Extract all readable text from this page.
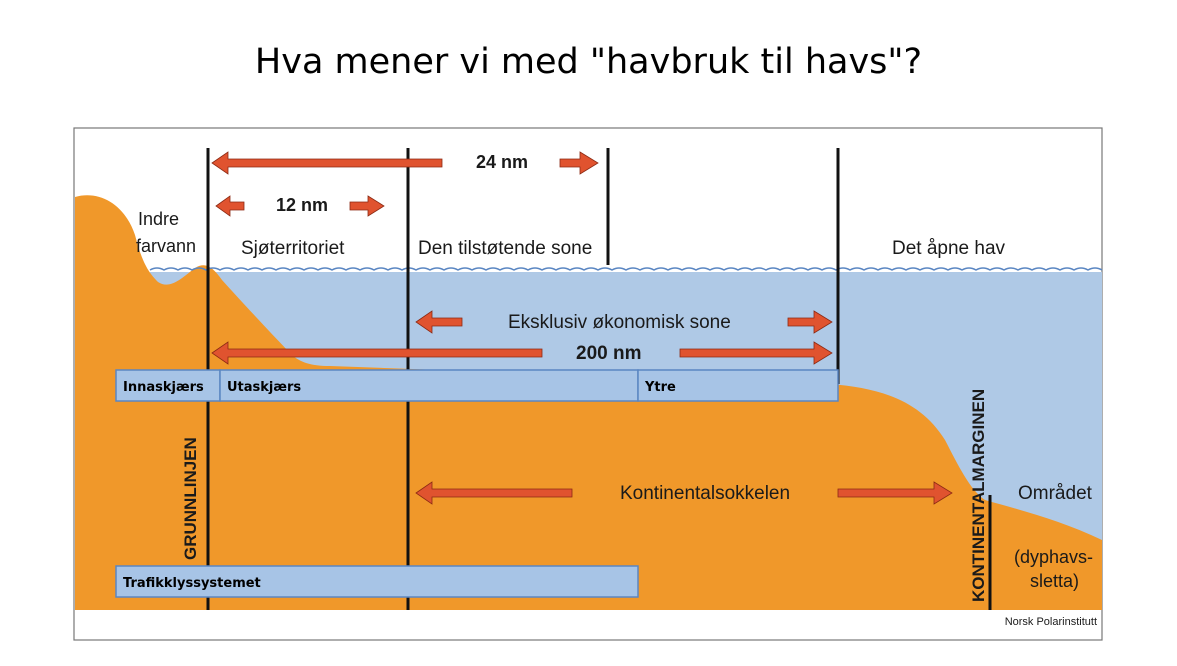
Hva mener vi med "havbruk til havs"?
24 nm
12 nm
200 nm
Indre
farvann Sjøterritoriet	Den tilstøtende sone	Det åpne hav
Eksklusiv økonomisk sone
Kontinentalsokkelen	Området
(dyphavs-
sletta)
GRUNNLINJEN	KONTINENTALMARGINEN
Innaskjærs Utaskjærs	Ytre
Trafikklyssystemet
Norsk Polarinstitutt
